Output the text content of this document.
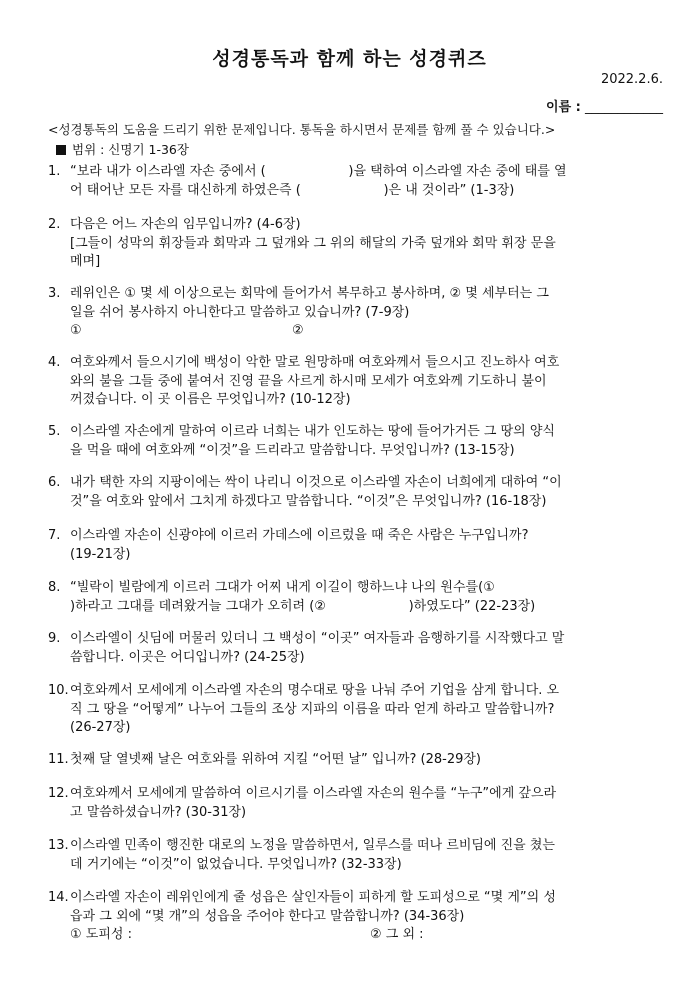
성경통독과 함께 하는 성경퀴즈
2022.2.6.
이름 : ____________
<성경통독의 도움을 드리기 위한 문제입니다. 통독을 하시면서 문제를 함께 풀 수 있습니다.>
범위 : 신명기 1-36장
1. “보라 내가 이스라엘 자손 중에서 (                    )을 택하여 이스라엘 자손 중에 태를 열
어 태어난 모든 자를 대신하게 하였은즉 (                    )은 내 것이라” (1-3장)
2. 다음은 어느 자손의 임무입니까? (4-6장)
[그들이 성막의 휘장들과 회막과 그 덮개와 그 위의 해달의 가죽 덮개와 회막 휘장 문을
메며]
3. 레위인은 ① 몇 세 이상으로는 회막에 들어가서 복무하고 봉사하며, ② 몇 세부터는 그
일을 쉬어 봉사하지 아니한다고 말씀하고 있습니까? (7-9장)
①	②
4. 여호와께서 들으시기에 백성이 악한 말로 원망하매 여호와께서 들으시고 진노하사 여호
와의 불을 그들 중에 붙여서 진영 끝을 사르게 하시매 모세가 여호와께 기도하니 불이
꺼졌습니다. 이 곳 이름은 무엇입니까? (10-12장)
5. 이스라엘 자손에게 말하여 이르라 너희는 내가 인도하는 땅에 들어가거든 그 땅의 양식
을 먹을 때에 여호와께 “이것”을 드리라고 말씀합니다. 무엇입니까? (13-15장)
6. 내가 택한 자의 지팡이에는 싹이 나리니 이것으로 이스라엘 자손이 너희에게 대하여 “이
것”을 여호와 앞에서 그치게 하겠다고 말씀합니다. “이것”은 무엇입니까? (16-18장)
7. 이스라엘 자손이 신광야에 이르러 가데스에 이르렀을 때 죽은 사람은 누구입니까?
(19-21장)
8. “빌락이 빌람에게 이르러 그대가 어찌 내게 이길이 행하느냐 나의 원수를(①
)하라고 그대를 데려왔거늘 그대가 오히려 (②                    )하였도다” (22-23장)
9. 이스라엘이 싯딤에 머물러 있더니 그 백성이 “이곳” 여자들과 음행하기를 시작했다고 말
씀합니다. 이곳은 어디입니까? (24-25장)
10. 여호와께서 모세에게 이스라엘 자손의 명수대로 땅을 나눠 주어 기업을 삼게 합니다. 오
직 그 땅을 “어떻게” 나누어 그들의 조상 지파의 이름을 따라 얻게 하라고 말씀합니까?
(26-27장)
11. 첫째 달 열넷째 날은 여호와를 위하여 지킬 “어떤 날” 입니까? (28-29장)
12. 여호와께서 모세에게 말씀하여 이르시기를 이스라엘 자손의 원수를 “누구”에게 갚으라
고 말씀하셨습니까? (30-31장)
13. 이스라엘 민족이 행진한 대로의 노정을 말씀하면서, 일루스를 떠나 르비딤에 진을 쳤는
데 거기에는 “이것”이 없었습니다. 무엇입니까? (32-33장)
14. 이스라엘 자손이 레위인에게 줄 성읍은 살인자들이 피하게 할 도피성으로 “몇 게”의 성
읍과 그 외에 “몇 개”의 성읍을 주어야 한다고 말씀합니까? (34-36장)
① 도피성 :	② 그 외 :
